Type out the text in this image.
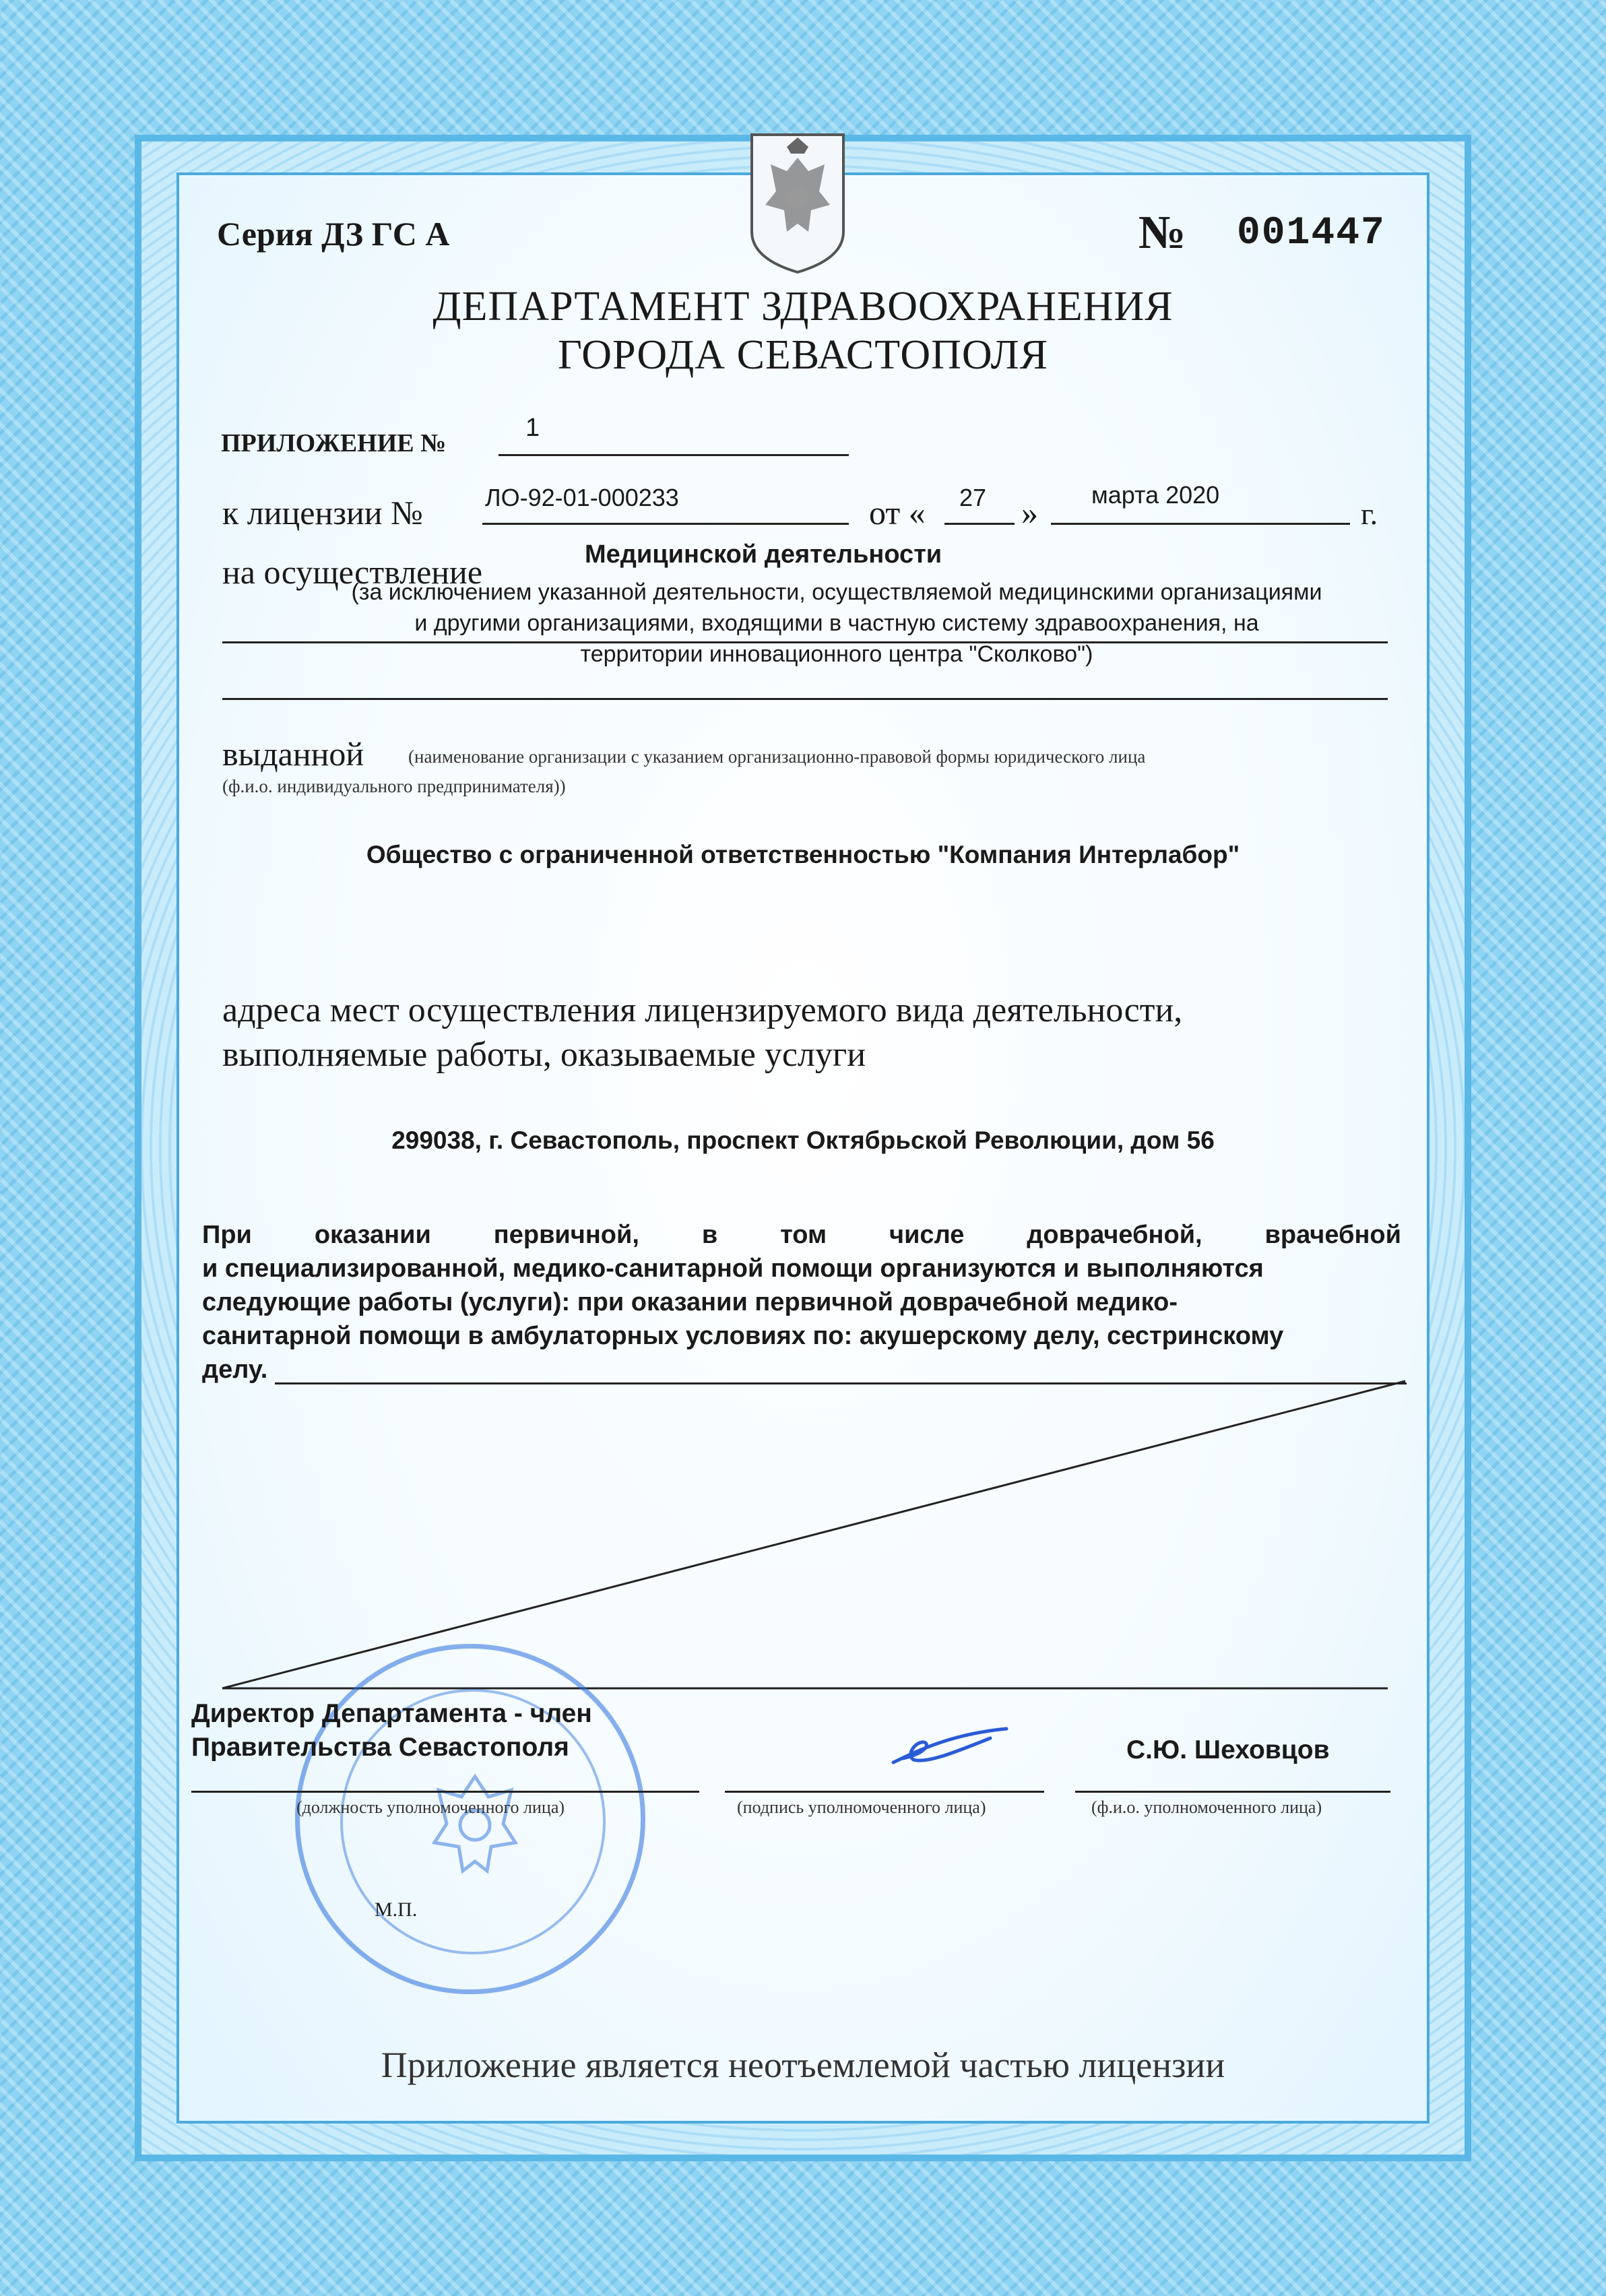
Серия ДЗ ГС А	№ 001447
ДЕПАРТАМЕНТ ЗДРАВООХРАНЕНИЯ
ГОРОДА СЕВАСТОПОЛЯ
ПРИЛОЖЕНИЕ №
1
к лицензии №	ЛО-92-01-000233	от « 27 » марта 2020
г.
на осуществление	Медицинской деятельности
(за исключением указанной деятельности, осуществляемой медицинскими организациями
и другими организациями, входящими в частную систему здравоохранения, на
территории инновационного центра "Сколково")
выданной (наименование организации с указанием организационно-правовой формы юридического лица
(ф.и.о. индивидуального предпринимателя))
Общество с ограниченной ответственностью "Компания Интерлабор"
адреса мест осуществления лицензируемого вида деятельности,
выполняемые работы, оказываемые услуги
299038, г. Севастополь, проспект Октябрьской Революции, дом 56
При оказании первичной, в том числе доврачебной, врачебной
и специализированной, медико-санитарной помощи организуются и выполняются
следующие работы (услуги): при оказании первичной доврачебной медико-
санитарной помощи в амбулаторных условиях по: акушерскому делу, сестринскому
делу.
Директор Департамента - член
Правительства Севастополя	С.Ю. Шеховцов
(должность уполномоченного лица)	(подпись уполномоченного лица)	(ф.и.о. уполномоченного лица)
М.П.
Приложение является неотъемлемой частью лицензии
